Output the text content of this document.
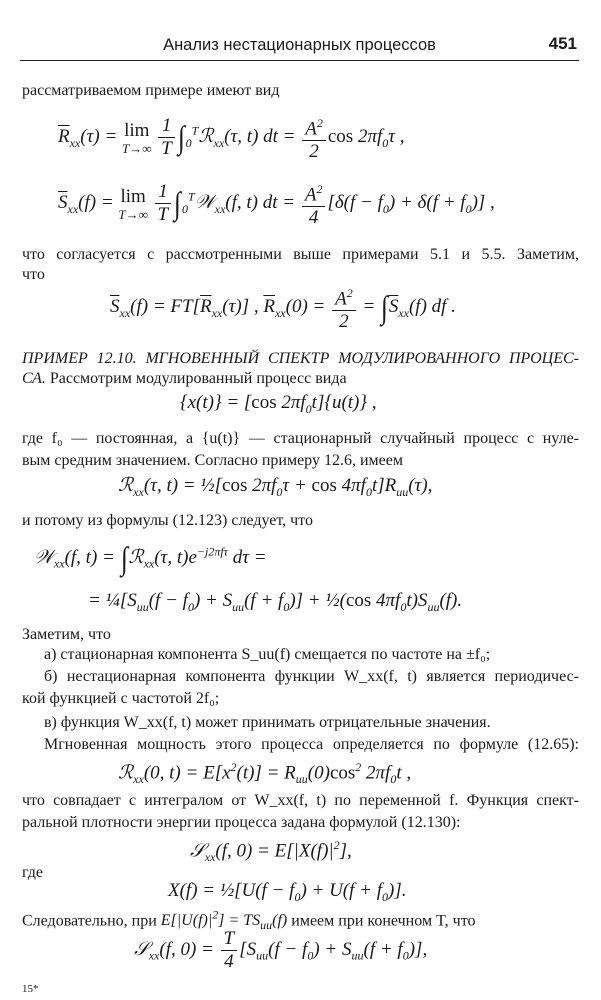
Анализ нестационарных процессов	451
рассматриваемом примере имеют вид
$\overline{R}_{xx}(\tau) = \lim$
T→∞
$\frac{1}{T}$ $\int_0^Tℛ_{xx}(\tau$, t) dt = $\frac{A^2}{2}$ $\cos 2\pi f_0\tau$ ,
$\overline{S}_{xx}(f) = \lim$
T→∞
$\frac{1}{T}$ $\int_0^T𝒲_{xx}(f$, t) dt = $\frac{A^2}{4} [\delta(f - f_0) + \delta(f + f_0)]$ ,
что согласуется с рассмотренными выше примерами 5.1 и 5.5. Заметим,
что
$\overline{S}_{xx}(f) = FT[\overline{R}_{xx}(\tau)]$ , $\overline{R}_{xx}(0) = \frac{A^2}{2} = \int\overline{S}_{xx}(f)$ df .
ПРИМЕР 12.10. МГНОВЕННЫЙ СПЕКТР МОДУЛИРОВАННОГО ПРОЦЕС-
СА. Рассмотрим модулированный процесс вида
{x(t)} = [cos $2\pi f_0t]\{u(t)\}$ ,
где f₀ — постоянная, а {u(t)} — стационарный случайный процесс с нуле-
вым средним значением. Согласно примеру 12.6, имеем
ℛ$_{xx}$(τ, t) = ½[cos $2\pi f_0\tau + \cos 4\pi f_0t]R_{uu}(\tau)$,
и потому из формулы (12.123) следует, что
𝒲$_{xx}$(f, t) = ∫ℛ$_{xx}$(τ, $t)e^{-j2\pi f\tau}$ dτ =
= $\frac{1}{4}[S_{uu}(f - f_0) + S_{uu}(f + f_0)]$ + ½(cos $4\pi f_0t)S_{uu}(f)$.
Заметим, что
а) стационарная компонента S_uu(f) смещается по частоте на ±f₀;
б) нестационарная компонента функции W_xx(f, t) является периодичес-
кой функцией с частотой 2f₀;
в) функция W_xx(f, t) может принимать отрицательные значения.
Мгновенная мощность этого процесса определяется по формуле (12.65):
ℛ$_{xx}$(0, $t) = E[x^2(t)] = R_{uu}(0)\cos^2$ $2\pi f_0t$ ,
что совпадает с интегралом от W_xx(f, t) по переменной f. Функция спект-
ральной плотности энергии процесса задана формулой (12.130):
𝒮$_{xx}$(f, $0) = E[|X(f)|^2]$,
где
X(f) = ½[U(f − $f_0) + U(f + f_0)$].
Следовательно, при $E[|U(f)|^2] = TS_{uu}(f)$ имеем при конечном T, что
𝒮$_{xx}$(f, $0) = \frac{T}{4} [S_{uu}(f - f_0) + S_{uu}(f + f_0)]$,
15*
